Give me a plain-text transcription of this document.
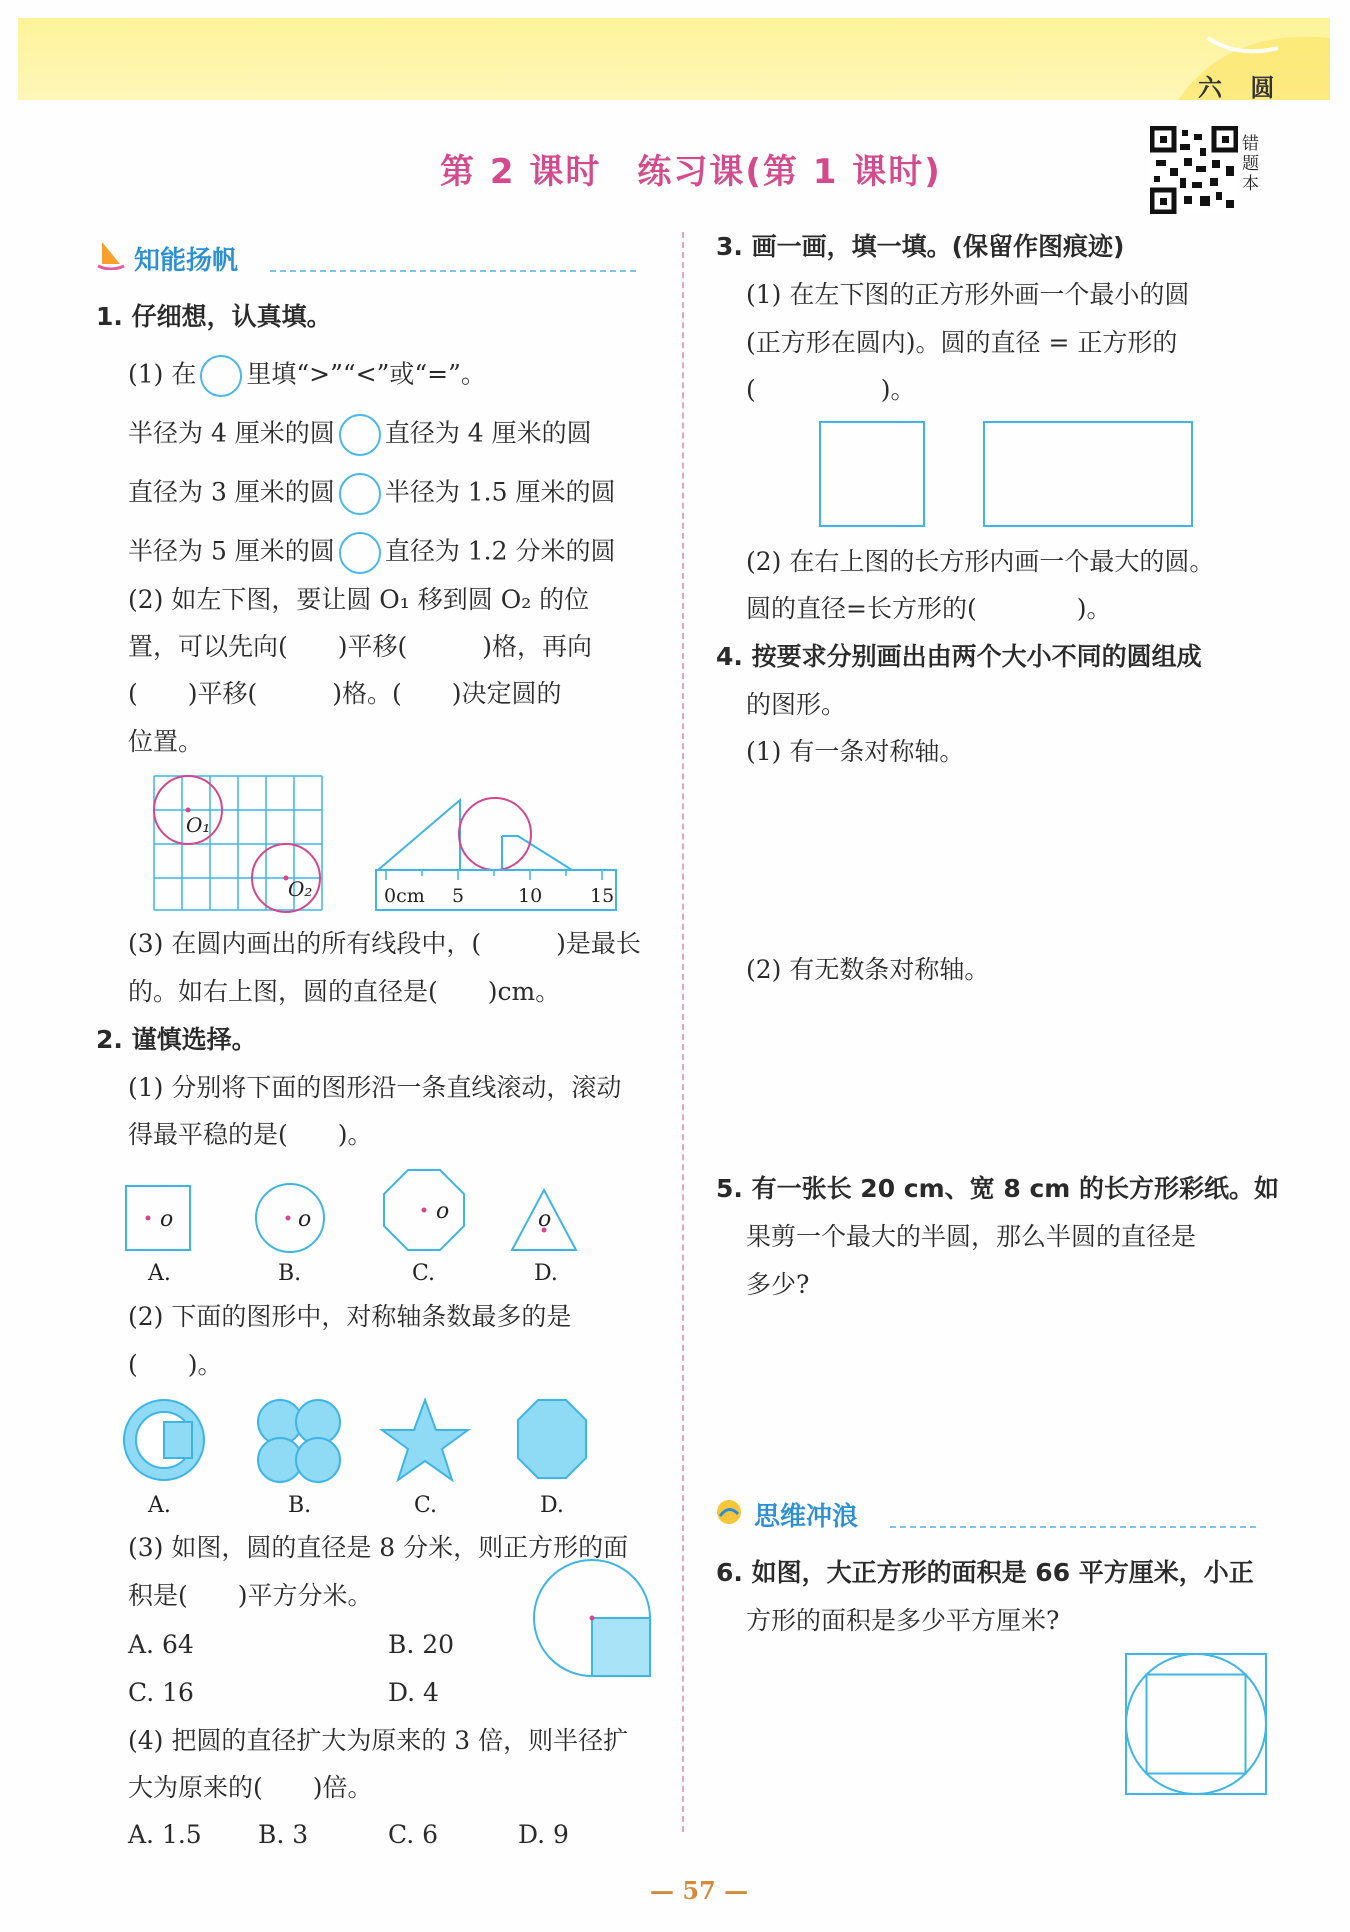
六 圆
第 2 课时　练习课(第 1 课时)
错题本
知能扬帆
1. 仔细想，认真填。
(1) 在 里填“>”“<”或“=”。
半径为 4 厘米的圆 直径为 4 厘米的圆
直径为 3 厘米的圆 半径为 1.5 厘米的圆
半径为 5 厘米的圆 直径为 1.2 分米的圆
(2) 如左下图，要让圆 O₁ 移到圆 O₂ 的位
置，可以先向(　　)平移(　　　)格，再向
(　　)平移(　　　)格。(　　)决定圆的
位置。
O₁
O₂	0cm 5	10	15
(3) 在圆内画出的所有线段中，(　　　)是最长
的。如右上图，圆的直径是(　　)cm。
2. 谨慎选择。
(1) 分别将下面的图形沿一条直线滚动，滚动
得最平稳的是(　　)。
o	o	o	o
A.	B.	C.	D.
(2) 下面的图形中，对称轴条数最多的是
(　　)。
A.	B.	C.	D.
(3) 如图，圆的直径是 8 分米，则正方形的面
积是(　　)平方分米。
A. 64	B. 20
C. 16	D. 4
(4) 把圆的直径扩大为原来的 3 倍，则半径扩
大为原来的(　　)倍。
A. 1.5 B. 3	C. 6	D. 9
3. 画一画，填一填。(保留作图痕迹)
(1) 在左下图的正方形外画一个最小的圆
(正方形在圆内)。圆的直径 = 正方形的
(　　　　　)。
(2) 在右上图的长方形内画一个最大的圆。
圆的直径=长方形的(　　　　)。
4. 按要求分别画出由两个大小不同的圆组成
的图形。
(1) 有一条对称轴。
(2) 有无数条对称轴。
5. 有一张长 20 cm、宽 8 cm 的长方形彩纸。如
果剪一个最大的半圆，那么半圆的直径是
多少?
思维冲浪
6. 如图，大正方形的面积是 66 平方厘米，小正
方形的面积是多少平方厘米?
— 57 —
